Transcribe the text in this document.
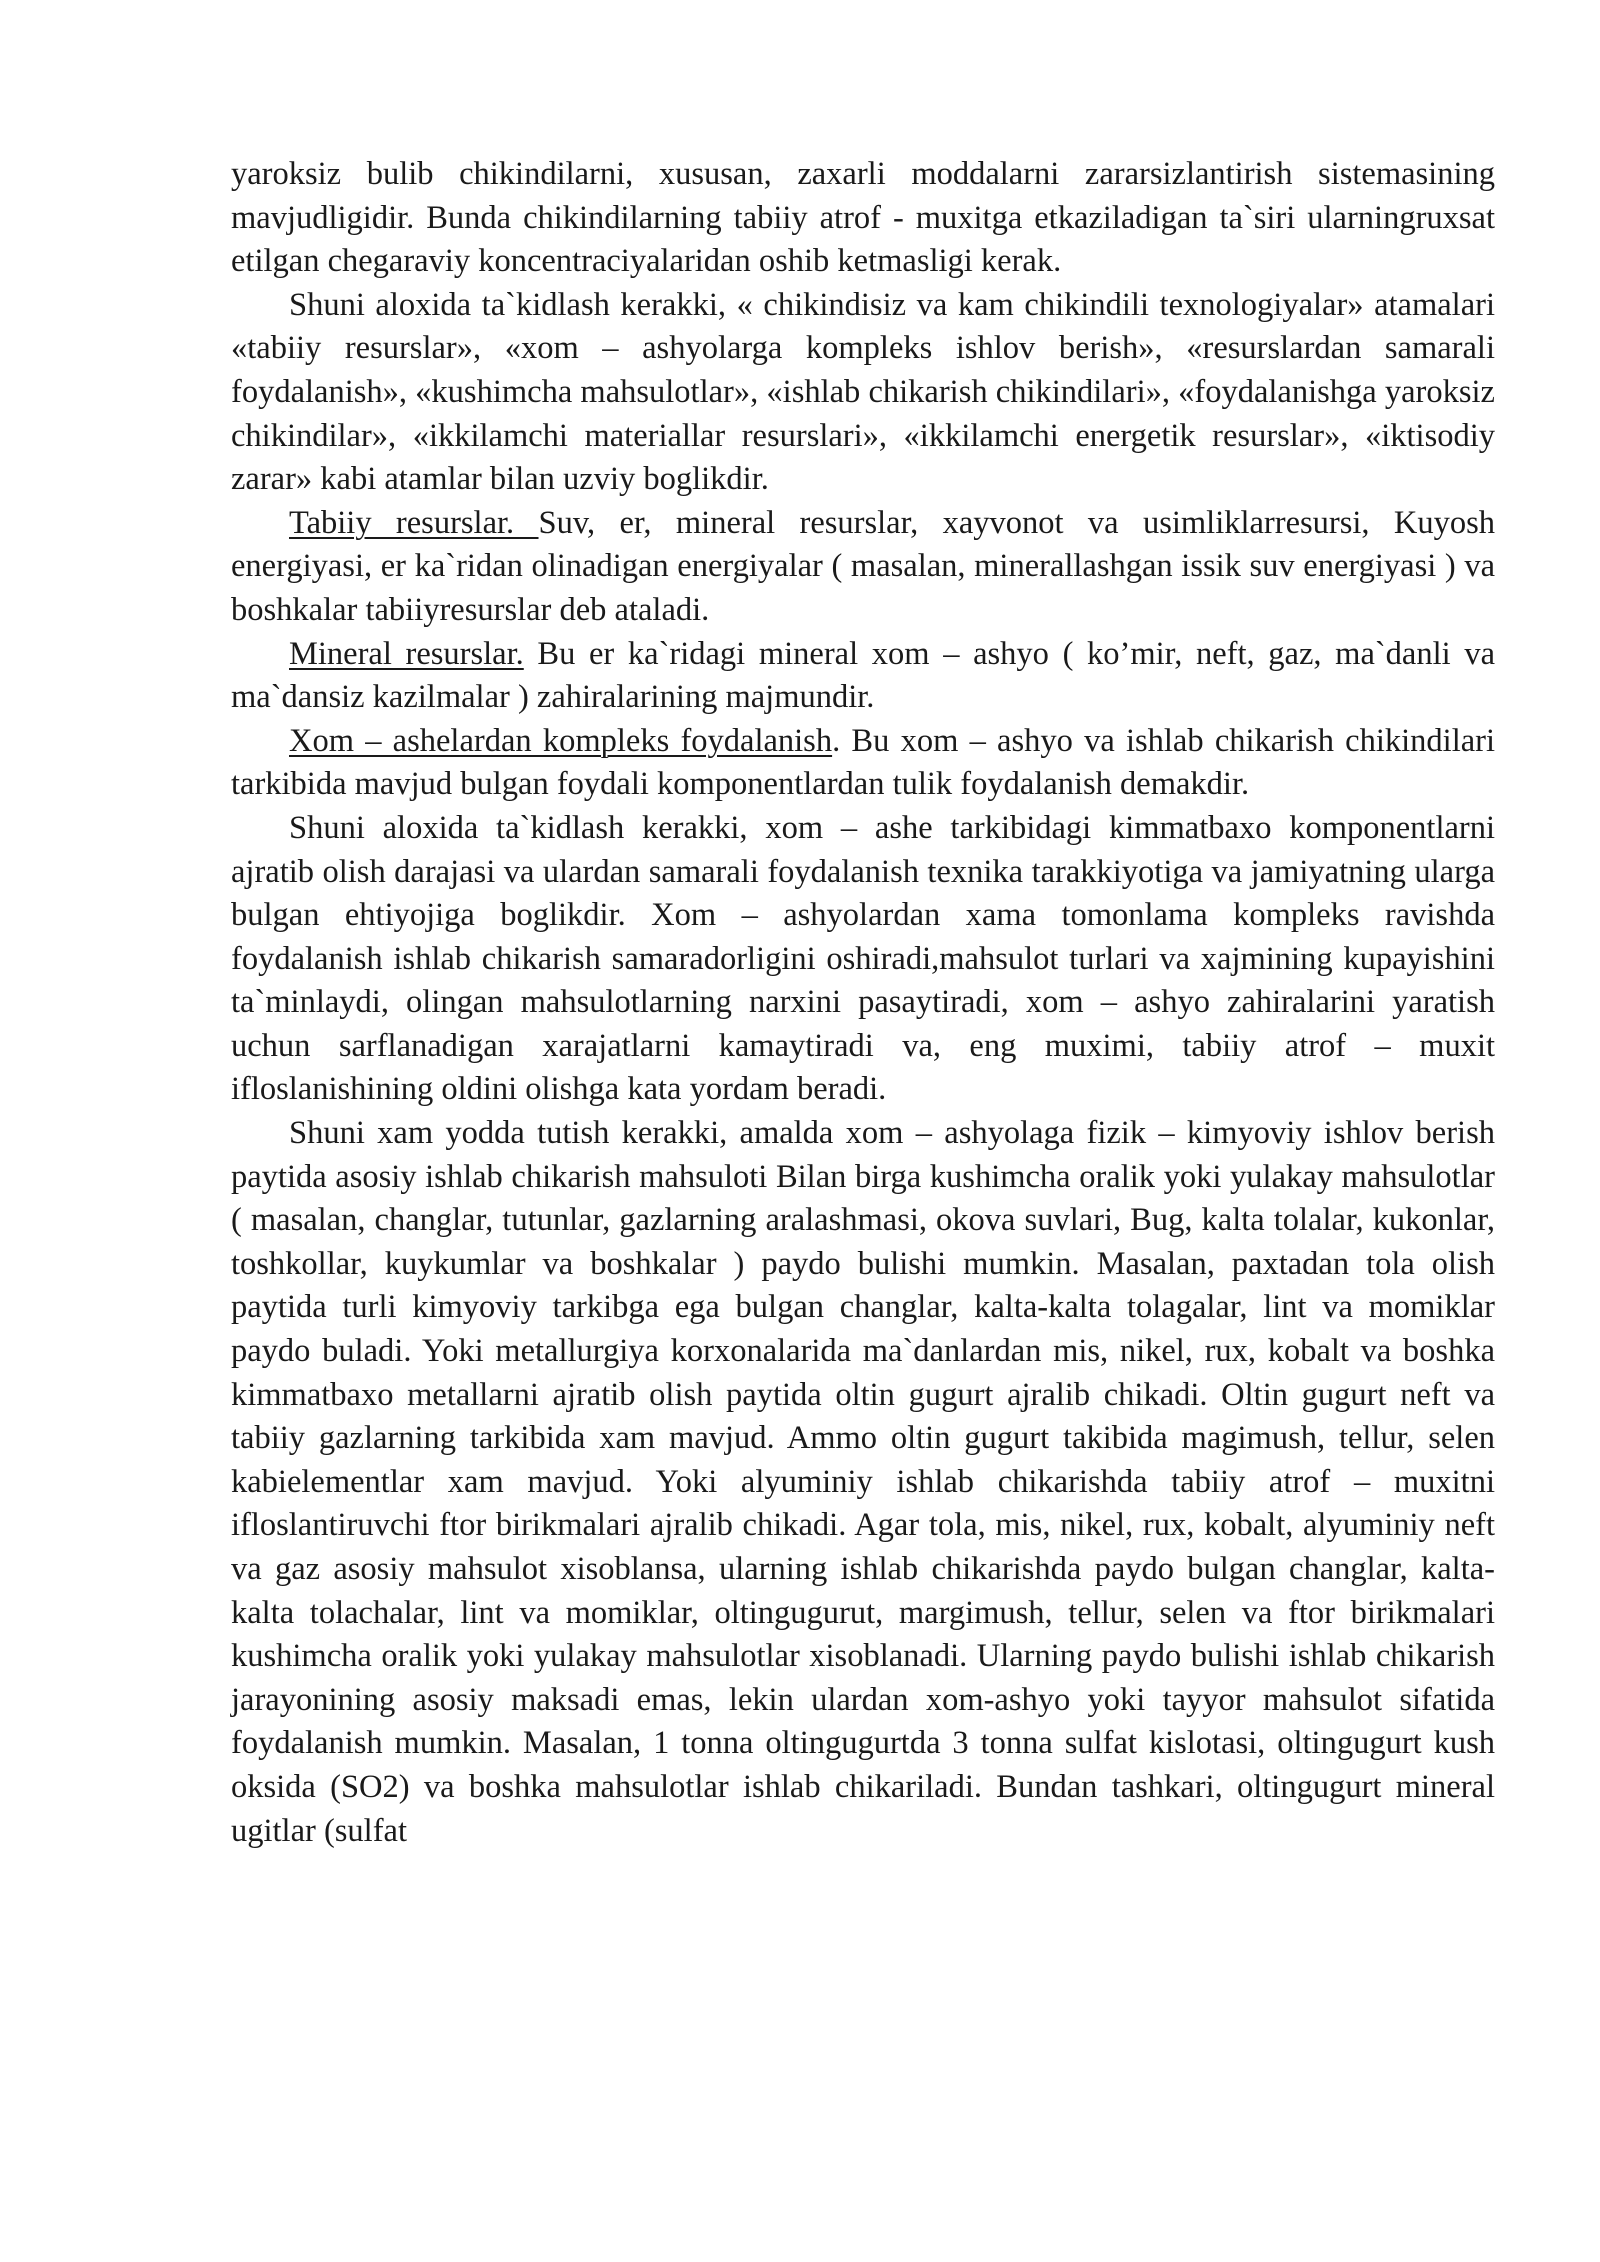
yaroksiz bulib chikindilarni, xususan, zaxarli moddalarni zararsizlantirish sistemasining mavjudligidir. Bunda chikindilarning tabiiy atrof - muxitga etkaziladigan ta`siri ularningruxsat etilgan chegaraviy koncentraciyalaridan oshib ketmasligi kerak.

Shuni aloxida ta`kidlash kerakki, « chikindisiz va kam chikindili texnologiyalar» atamalari «tabiiy resurslar», «xom – ashyolarga kompleks ishlov berish», «resurslardan samarali foydalanish», «kushimcha mahsulotlar», «ishlab chikarish chikindilari», «foydalanishga yaroksiz chikindilar», «ikkilamchi materiallar resurslari», «ikkilamchi energetik resurslar», «iktisodiy zarar» kabi atamlar bilan uzviy boglikdir.

Tabiiy resurslar. Suv, er, mineral resurslar, xayvonot va usimliklarresursi, Kuyosh energiyasi, er ka`ridan olinadigan energiyalar ( masalan, minerallashgan issik suv energiyasi ) va boshkalar tabiiyresurslar deb ataladi.

Mineral resurslar. Bu er ka`ridagi mineral xom – ashyo ( ko’mir, neft, gaz, ma`danli va ma`dansiz kazilmalar ) zahiralarining majmundir.

Xom – ashelardan kompleks foydalanish. Bu xom – ashyo va ishlab chikarish chikindilari tarkibida mavjud bulgan foydali komponentlardan tulik foydalanish demakdir.

Shuni aloxida ta`kidlash kerakki, xom – ashe tarkibidagi kimmatbaxo komponentlarni ajratib olish darajasi va ulardan samarali foydalanish texnika tarakkiyotiga va jamiyatning ularga bulgan ehtiyojiga boglikdir. Xom – ashyolardan xama tomonlama kompleks ravishda foydalanish ishlab chikarish samaradorligini oshiradi,mahsulot turlari va xajmining kupayishini ta`minlaydi, olingan mahsulotlarning narxini pasaytiradi, xom – ashyo zahiralarini yaratish uchun sarflanadigan xarajatlarni kamaytiradi va, eng muximi, tabiiy atrof – muxit ifloslanishining oldini olishga kata yordam beradi.

Shuni xam yodda tutish kerakki, amalda xom – ashyolaga fizik – kimyoviy ishlov berish paytida asosiy ishlab chikarish mahsuloti Bilan birga kushimcha oralik yoki yulakay mahsulotlar ( masalan, changlar, tutunlar, gazlarning aralashmasi, okova suvlari, Bug, kalta tolalar, kukonlar, toshkollar, kuykumlar va boshkalar ) paydo bulishi mumkin. Masalan, paxtadan tola olish paytida turli kimyoviy tarkibga ega bulgan changlar, kalta-kalta tolagalar, lint va momiklar paydo buladi. Yoki metallurgiya korxonalarida ma`danlardan mis, nikel, rux, kobalt va boshka kimmatbaxo metallarni ajratib olish paytida oltin gugurt ajralib chikadi. Oltin gugurt neft va tabiiy gazlarning tarkibida xam mavjud. Ammo oltin gugurt takibida magimush, tellur, selen kabielementlar xam mavjud. Yoki alyuminiy ishlab chikarishda tabiiy atrof – muxitni ifloslantiruvchi ftor birikmalari ajralib chikadi. Agar tola, mis, nikel, rux, kobalt, alyuminiy neft va gaz asosiy mahsulot xisoblansa, ularning ishlab chikarishda paydo bulgan changlar, kalta-kalta tolachalar, lint va momiklar, oltingugurut, margimush, tellur, selen va ftor birikmalari kushimcha oralik yoki yulakay mahsulotlar xisoblanadi. Ularning paydo bulishi ishlab chikarish jarayonining asosiy maksadi emas, lekin ulardan xom-ashyo yoki tayyor mahsulot sifatida foydalanish mumkin. Masalan, 1 tonna oltingugurtda 3 tonna sulfat kislotasi, oltingugurt kush oksida (SO2) va boshka mahsulotlar ishlab chikariladi. Bundan tashkari, oltingugurt mineral ugitlar (sulfat
